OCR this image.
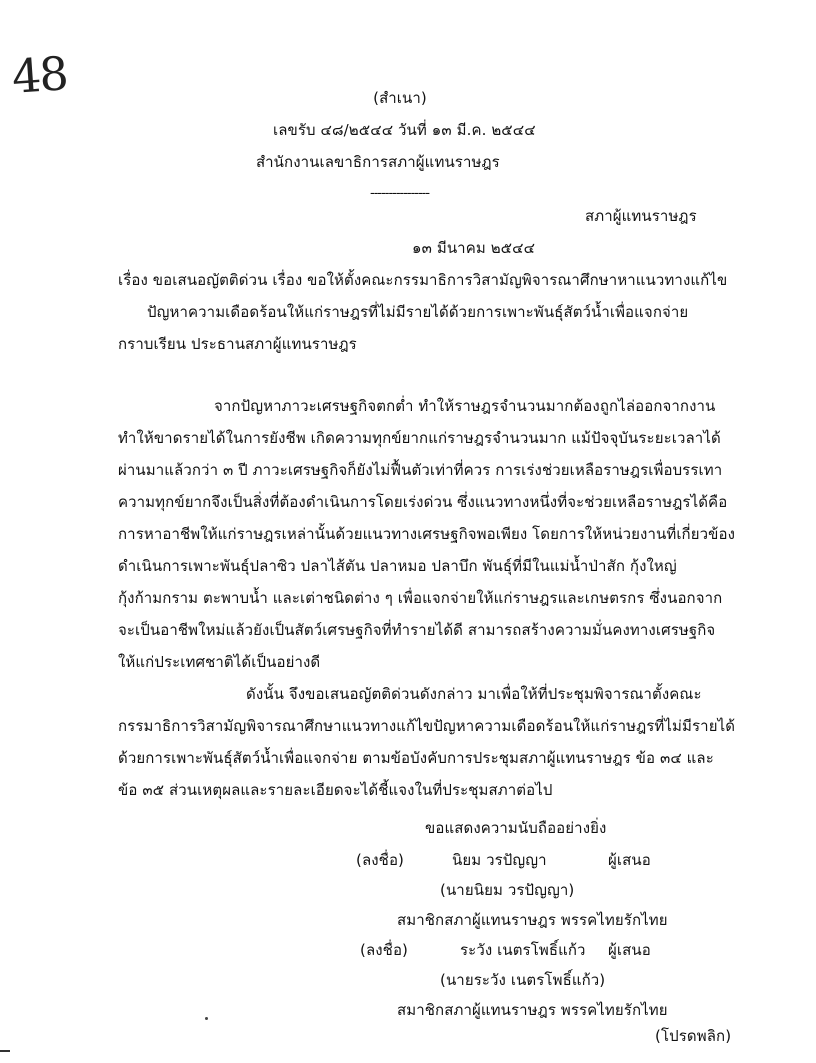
48	(สำเนา)
เลขรับ ๔๘/๒๕๔๔ วันที่ ๑๓ มี.ค. ๒๕๔๔
สำนักงานเลขาธิการสภาผู้แทนราษฎร
----------------
สภาผู้แทนราษฎร
๑๓ มีนาคม ๒๕๔๔
เรื่อง ขอเสนอญัตติด่วน เรื่อง ขอให้ตั้งคณะกรรมาธิการวิสามัญพิจารณาศึกษาหาแนวทางแก้ไข
ปัญหาความเดือดร้อนให้แก่ราษฎรที่ไม่มีรายได้ด้วยการเพาะพันธุ์สัตว์น้ำเพื่อแจกจ่าย
กราบเรียน ประธานสภาผู้แทนราษฎร
จากปัญหาภาวะเศรษฐกิจตกต่ำ ทำให้ราษฎรจำนวนมากต้องถูกไล่ออกจากงาน
ทำให้ขาดรายได้ในการยังชีพ เกิดความทุกข์ยากแก่ราษฎรจำนวนมาก แม้ปัจจุบันระยะเวลาได้
ผ่านมาแล้วกว่า ๓ ปี ภาวะเศรษฐกิจก็ยังไม่ฟื้นตัวเท่าที่ควร การเร่งช่วยเหลือราษฎรเพื่อบรรเทา
ความทุกข์ยากจึงเป็นสิ่งที่ต้องดำเนินการโดยเร่งด่วน ซึ่งแนวทางหนึ่งที่จะช่วยเหลือราษฎรได้คือ
การหาอาชีพให้แก่ราษฎรเหล่านั้นด้วยแนวทางเศรษฐกิจพอเพียง โดยการให้หน่วยงานที่เกี่ยวข้อง
ดำเนินการเพาะพันธุ์ปลาซิว ปลาไส้ตัน ปลาหมอ ปลาบึก พันธุ์ที่มีในแม่น้ำป่าสัก กุ้งใหญ่
กุ้งก้ามกราม ตะพาบน้ำ และเต่าชนิดต่าง ๆ เพื่อแจกจ่ายให้แก่ราษฎรและเกษตรกร ซึ่งนอกจาก
จะเป็นอาชีพใหม่แล้วยังเป็นสัตว์เศรษฐกิจที่ทำรายได้ดี สามารถสร้างความมั่นคงทางเศรษฐกิจ
ให้แก่ประเทศชาติได้เป็นอย่างดี
ดังนั้น จึงขอเสนอญัตติด่วนดังกล่าว มาเพื่อให้ที่ประชุมพิจารณาตั้งคณะ
กรรมาธิการวิสามัญพิจารณาศึกษาแนวทางแก้ไขปัญหาความเดือดร้อนให้แก่ราษฎรที่ไม่มีรายได้
ด้วยการเพาะพันธุ์สัตว์น้ำเพื่อแจกจ่าย ตามข้อบังคับการประชุมสภาผู้แทนราษฎร ข้อ ๓๔ และ
ข้อ ๓๕ ส่วนเหตุผลและรายละเอียดจะได้ชี้แจงในที่ประชุมสภาต่อไป
ขอแสดงความนับถืออย่างยิ่ง
(ลงชื่อ)	นิยม วรปัญญา	ผู้เสนอ
(นายนิยม วรปัญญา)
สมาชิกสภาผู้แทนราษฎร พรรคไทยรักไทย
(ลงชื่อ)	ระวัง เนตรโพธิ์แก้ว ผู้เสนอ
(นายระวัง เนตรโพธิ์แก้ว)
สมาชิกสภาผู้แทนราษฎร พรรคไทยรักไทย
(โปรดพลิก)
